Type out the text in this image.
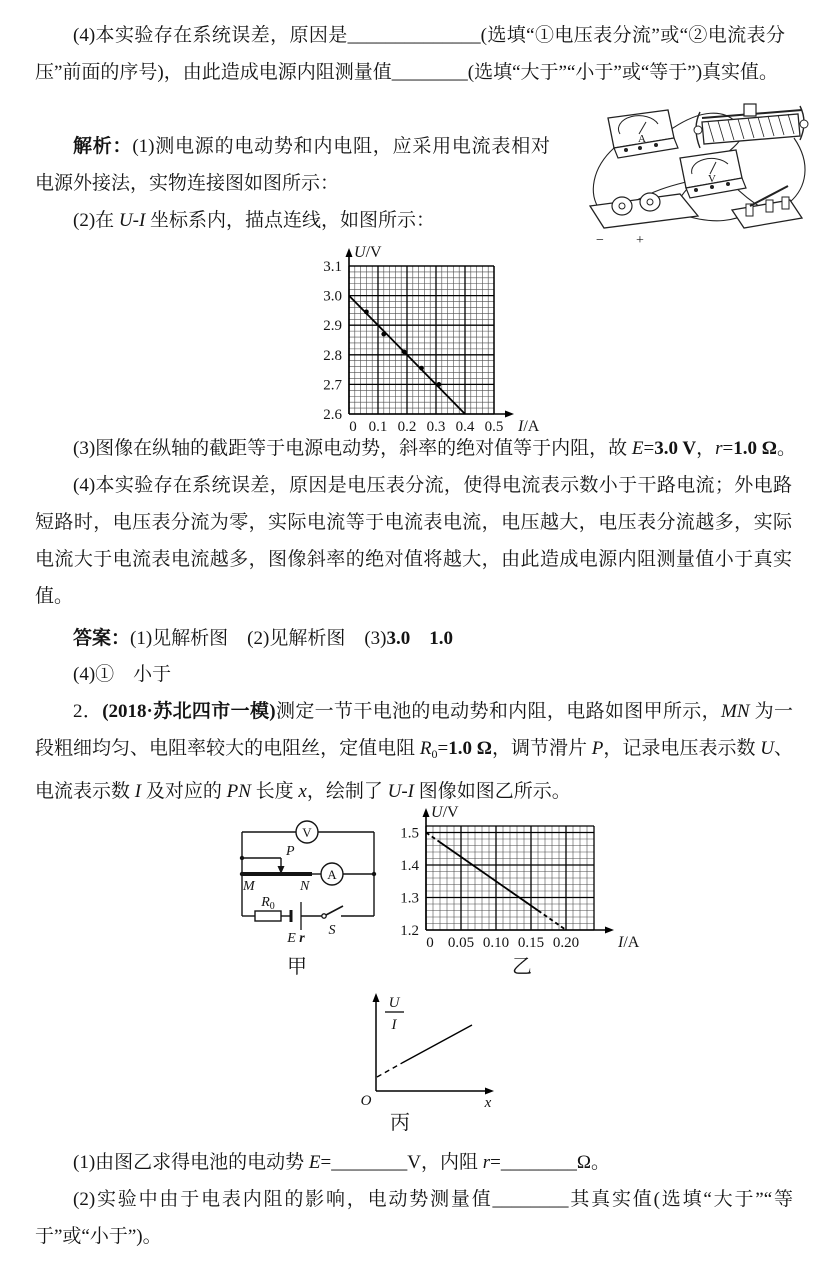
(4)本实验存在系统误差，原因是______________(选填“①电压表分流”或“②电流表分压”前面的序号)，由此造成电源内阻测量值________(选填“大于”“小于”或“等于”)真实值。
解析：(1)测电源的电动势和内电阻，应采用电流表相对电源外接法，实物连接图如图所示：
(2)在 U-I 坐标系内，描点连线，如图所示：
(3)图像在纵轴的截距等于电源电动势，斜率的绝对值等于内阻，故 E=3.0 V，r=1.0 Ω。
(4)本实验存在系统误差，原因是电压表分流，使得电流表示数小于干路电流；外电路短路时，电压表分流为零，实际电流等于电流表电流，电压越大，电压表分流越多，实际电流大于电流表电流越多，图像斜率的绝对值将越大，由此造成电源内阻测量值小于真实值。
答案：(1)见解析图　(2)见解析图　(3)3.0　1.0
(4)①　小于
2．(2018·苏北四市一模)测定一节干电池的电动势和内阻，电路如图甲所示，MN 为一段粗细均匀、电阻率较大的电阻丝，定值电阻 $R_0=1.0$ Ω，调节滑片 P，记录电压表示数 U、电流表示数 I 及对应的 PN 长度 x，绘制了 U-I 图像如图乙所示。
(1)由图乙求得电池的电动势 E=________V，内阻 r=________Ω。
(2)实验中由于电表内阻的影响，电动势测量值________其真实值(选填“大于”“等于”或“小于”)。
A
V
− +
0 0.1 0.2 0.3 0.4 0.5
2.6
2.7
2.8
2.9
3.0
3.1
U/V
I/A
V
A
P
M	N
$R_0$
E r
S
甲
0 0.05 0.10 0.15 0.20
1.2
1.3
1.4
1.5
U/V
I/A
乙
U
I
O	x
丙
